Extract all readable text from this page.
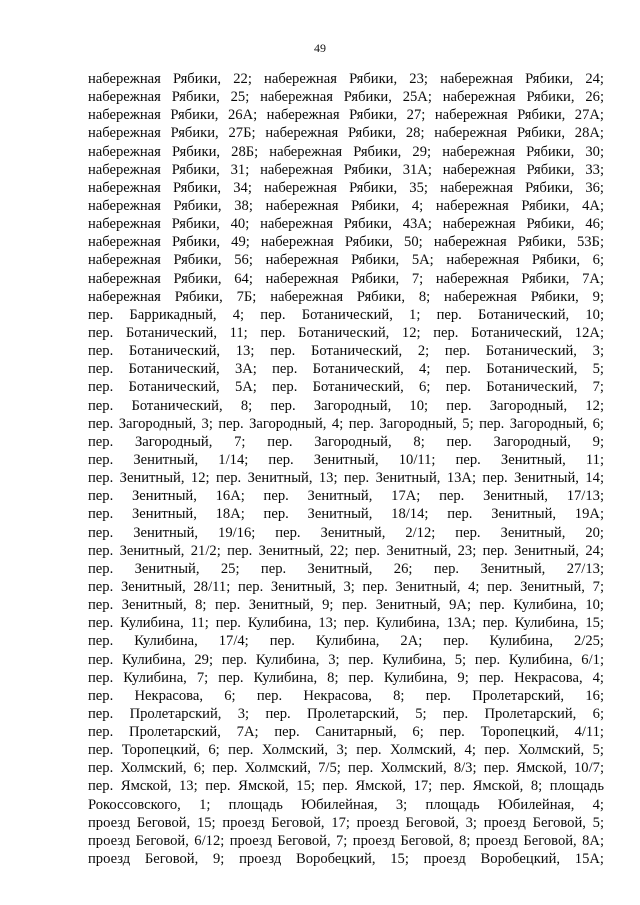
49
набережная Рябики, 22; набережная Рябики, 23; набережная Рябики, 24;
набережная Рябики, 25; набережная Рябики, 25А; набережная Рябики, 26;
набережная Рябики, 26А; набережная Рябики, 27; набережная Рябики, 27А;
набережная Рябики, 27Б; набережная Рябики, 28; набережная Рябики, 28А;
набережная Рябики, 28Б; набережная Рябики, 29; набережная Рябики, 30;
набережная Рябики, 31; набережная Рябики, 31А; набережная Рябики, 33;
набережная Рябики, 34; набережная Рябики, 35; набережная Рябики, 36;
набережная Рябики, 38; набережная Рябики, 4; набережная Рябики, 4А;
набережная Рябики, 40; набережная Рябики, 43А; набережная Рябики, 46;
набережная Рябики, 49; набережная Рябики, 50; набережная Рябики, 53Б;
набережная Рябики, 56; набережная Рябики, 5А; набережная Рябики, 6;
набережная Рябики, 64; набережная Рябики, 7; набережная Рябики, 7А;
набережная Рябики, 7Б; набережная Рябики, 8; набережная Рябики, 9;
пер. Баррикадный, 4; пер. Ботанический, 1; пер. Ботанический, 10;
пер. Ботанический, 11; пер. Ботанический, 12; пер. Ботанический, 12А;
пер. Ботанический, 13; пер. Ботанический, 2; пер. Ботанический, 3;
пер. Ботанический, 3А; пер. Ботанический, 4; пер. Ботанический, 5;
пер. Ботанический, 5А; пер. Ботанический, 6; пер. Ботанический, 7;
пер. Ботанический, 8; пер. Загородный, 10; пер. Загородный, 12;
пер. Загородный, 3; пер. Загородный, 4; пер. Загородный, 5; пер. Загородный, 6;
пер. Загородный, 7; пер. Загородный, 8; пер. Загородный, 9;
пер. Зенитный, 1/14; пер. Зенитный, 10/11; пер. Зенитный, 11;
пер. Зенитный, 12; пер. Зенитный, 13; пер. Зенитный, 13А; пер. Зенитный, 14;
пер. Зенитный, 16А; пер. Зенитный, 17А; пер. Зенитный, 17/13;
пер. Зенитный, 18А; пер. Зенитный, 18/14; пер. Зенитный, 19А;
пер. Зенитный, 19/16; пер. Зенитный, 2/12; пер. Зенитный, 20;
пер. Зенитный, 21/2; пер. Зенитный, 22; пер. Зенитный, 23; пер. Зенитный, 24;
пер. Зенитный, 25; пер. Зенитный, 26; пер. Зенитный, 27/13;
пер. Зенитный, 28/11; пер. Зенитный, 3; пер. Зенитный, 4; пер. Зенитный, 7;
пер. Зенитный, 8; пер. Зенитный, 9; пер. Зенитный, 9А; пер. Кулибина, 10;
пер. Кулибина, 11; пер. Кулибина, 13; пер. Кулибина, 13А; пер. Кулибина, 15;
пер. Кулибина, 17/4; пер. Кулибина, 2А; пер. Кулибина, 2/25;
пер. Кулибина, 29; пер. Кулибина, 3; пер. Кулибина, 5; пер. Кулибина, 6/1;
пер. Кулибина, 7; пер. Кулибина, 8; пер. Кулибина, 9; пер. Некрасова, 4;
пер. Некрасова, 6; пер. Некрасова, 8; пер. Пролетарский, 16;
пер. Пролетарский, 3; пер. Пролетарский, 5; пер. Пролетарский, 6;
пер. Пролетарский, 7А; пер. Санитарный, 6; пер. Торопецкий, 4/11;
пер. Торопецкий, 6; пер. Холмский, 3; пер. Холмский, 4; пер. Холмский, 5;
пер. Холмский, 6; пер. Холмский, 7/5; пер. Холмский, 8/3; пер. Ямской, 10/7;
пер. Ямской, 13; пер. Ямской, 15; пер. Ямской, 17; пер. Ямской, 8; площадь
Рокоссовского, 1; площадь Юбилейная, 3; площадь Юбилейная, 4;
проезд Беговой, 15; проезд Беговой, 17; проезд Беговой, 3; проезд Беговой, 5;
проезд Беговой, 6/12; проезд Беговой, 7; проезд Беговой, 8; проезд Беговой, 8А;
проезд Беговой, 9; проезд Воробецкий, 15; проезд Воробецкий, 15А;
